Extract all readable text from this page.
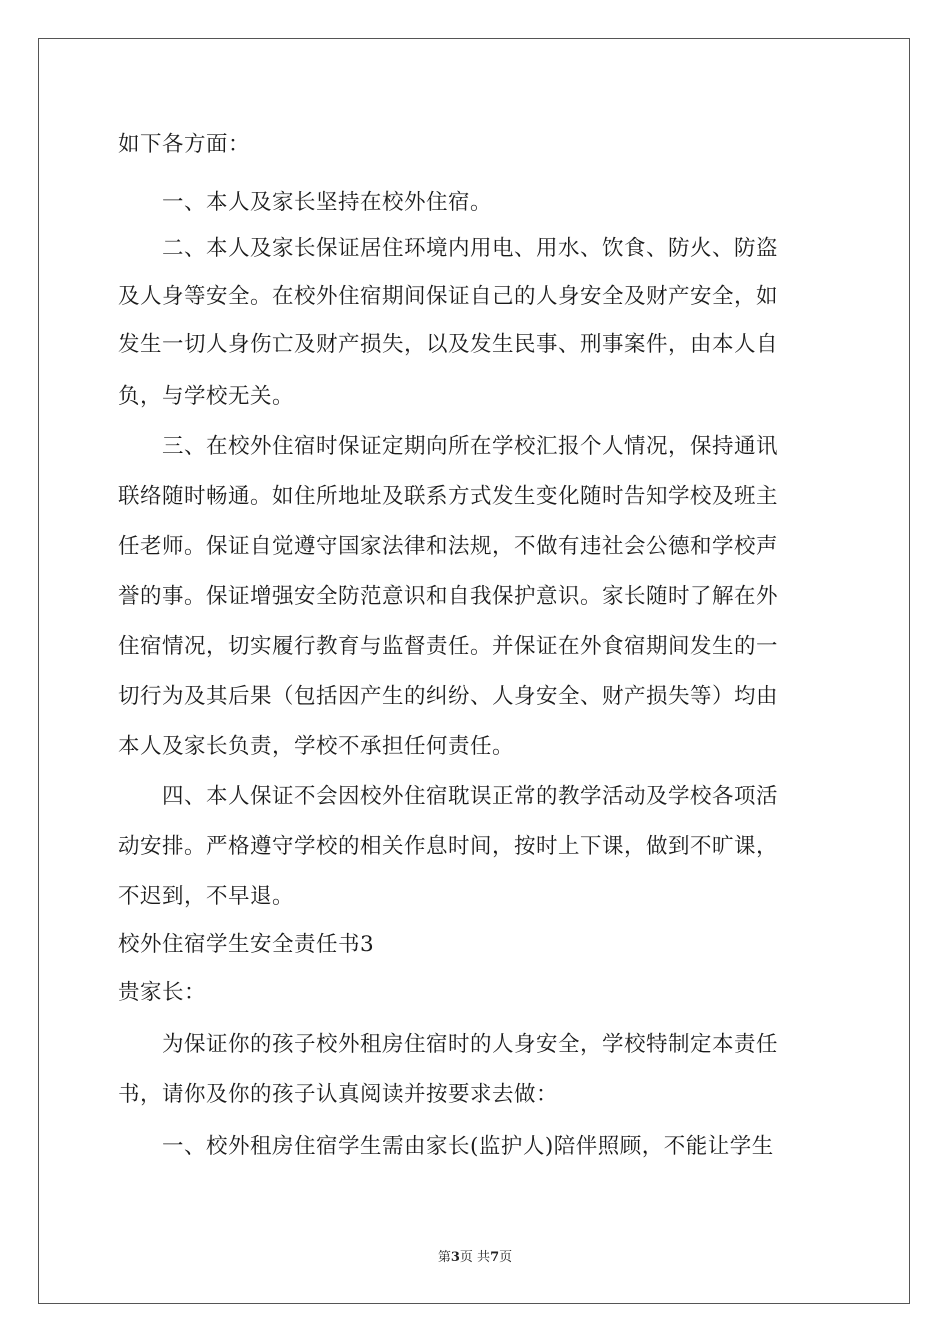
如下各方面：
一、本人及家长坚持在校外住宿。
二、本人及家长保证居住环境内用电、用水、饮食、防火、防盗
及人身等安全。在校外住宿期间保证自己的人身安全及财产安全，如
发生一切人身伤亡及财产损失，以及发生民事、刑事案件，由本人自
负，与学校无关。
三、在校外住宿时保证定期向所在学校汇报个人情况，保持通讯
联络随时畅通。如住所地址及联系方式发生变化随时告知学校及班主
任老师。保证自觉遵守国家法律和法规，不做有违社会公德和学校声
誉的事。保证增强安全防范意识和自我保护意识。家长随时了解在外
住宿情况，切实履行教育与监督责任。并保证在外食宿期间发生的一
切行为及其后果（包括因产生的纠纷、人身安全、财产损失等）均由
本人及家长负责，学校不承担任何责任。
四、本人保证不会因校外住宿耽误正常的教学活动及学校各项活
动安排。严格遵守学校的相关作息时间，按时上下课，做到不旷课，
不迟到，不早退。
校外住宿学生安全责任书3
贵家长：
为保证你的孩子校外租房住宿时的人身安全，学校特制定本责任
书，请你及你的孩子认真阅读并按要求去做：
一、校外租房住宿学生需由家长(监护人)陪伴照顾，不能让学生
第3页 共7页
